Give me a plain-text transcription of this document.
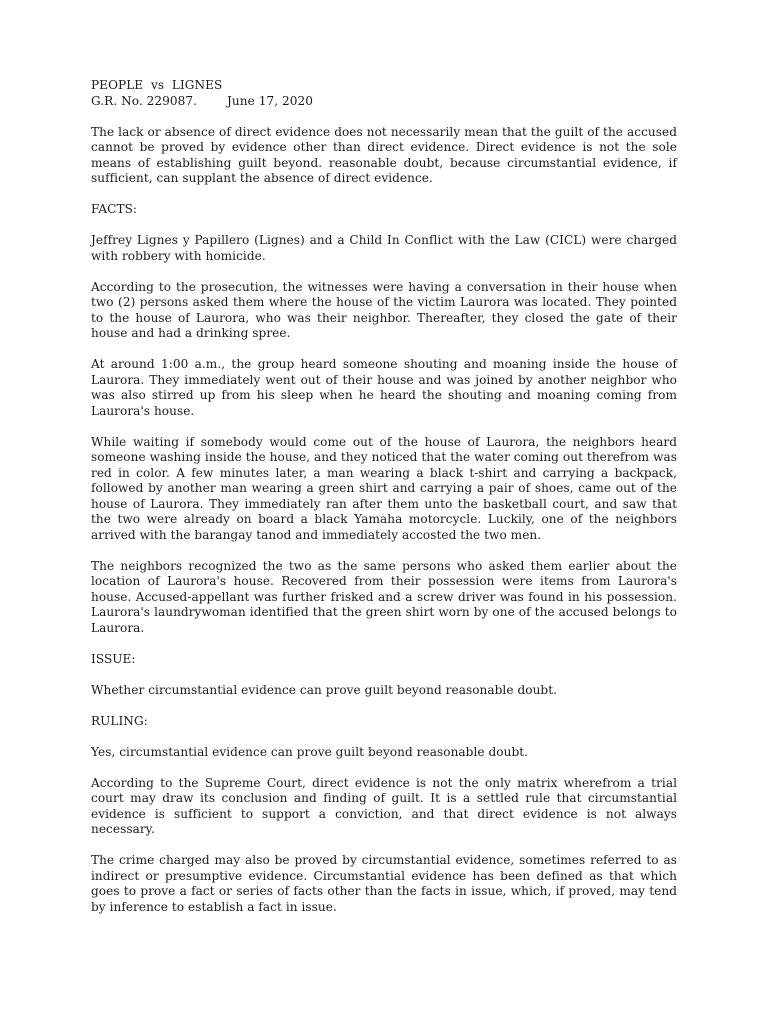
PEOPLE  vs  LIGNES

G.R. No. 229087. June 17, 2020

The lack or absence of direct evidence does not necessarily mean that the guilt of the accused cannot be proved by evidence other than direct evidence. Direct evidence is not the sole means of establishing guilt beyond. reasonable doubt, because circumstantial evidence, if sufficient, can supplant the absence of direct evidence.

FACTS:

Jeffrey Lignes y Papillero (Lignes) and a Child In Conflict with the Law (CICL) were charged with robbery with homicide.

According to the prosecution, the witnesses were having a conversation in their house when two (2) persons asked them where the house of the victim Laurora was located. They pointed to the house of Laurora, who was their neighbor. Thereafter, they closed the gate of their house and had a drinking spree.

At around 1:00 a.m., the group heard someone shouting and moaning inside the house of Laurora. They immediately went out of their house and was joined by another neighbor who was also stirred up from his sleep when he heard the shouting and moaning coming from Laurora's house.

While waiting if somebody would come out of the house of Laurora, the neighbors heard someone washing inside the house, and they noticed that the water coming out therefrom was red in color. A few minutes later, a man wearing a black t-shirt and carrying a backpack, followed by another man wearing a green shirt and carrying a pair of shoes, came out of the house of Laurora. They immediately ran after them unto the basketball court, and saw that the two were already on board a black Yamaha motorcycle. Luckily, one of the neighbors arrived with the barangay tanod and immediately accosted the two men.

The neighbors recognized the two as the same persons who asked them earlier about the location of Laurora's house. Recovered from their possession were items from Laurora's house. Accused-appellant was further frisked and a screw driver was found in his possession. Laurora's laundrywoman identified that the green shirt worn by one of the accused belongs to Laurora.

ISSUE:

Whether circumstantial evidence can prove guilt beyond reasonable doubt.

RULING:

Yes, circumstantial evidence can prove guilt beyond reasonable doubt.

According to the Supreme Court, direct evidence is not the only matrix wherefrom a trial court may draw its conclusion and finding of guilt. It is a settled rule that circumstantial evidence is sufficient to support a conviction, and that direct evidence is not always necessary.

The crime charged may also be proved by circumstantial evidence, sometimes referred to as indirect or presumptive evidence. Circumstantial evidence has been defined as that which goes to prove a fact or series of facts other than the facts in issue, which, if proved, may tend by inference to establish a fact in issue.
